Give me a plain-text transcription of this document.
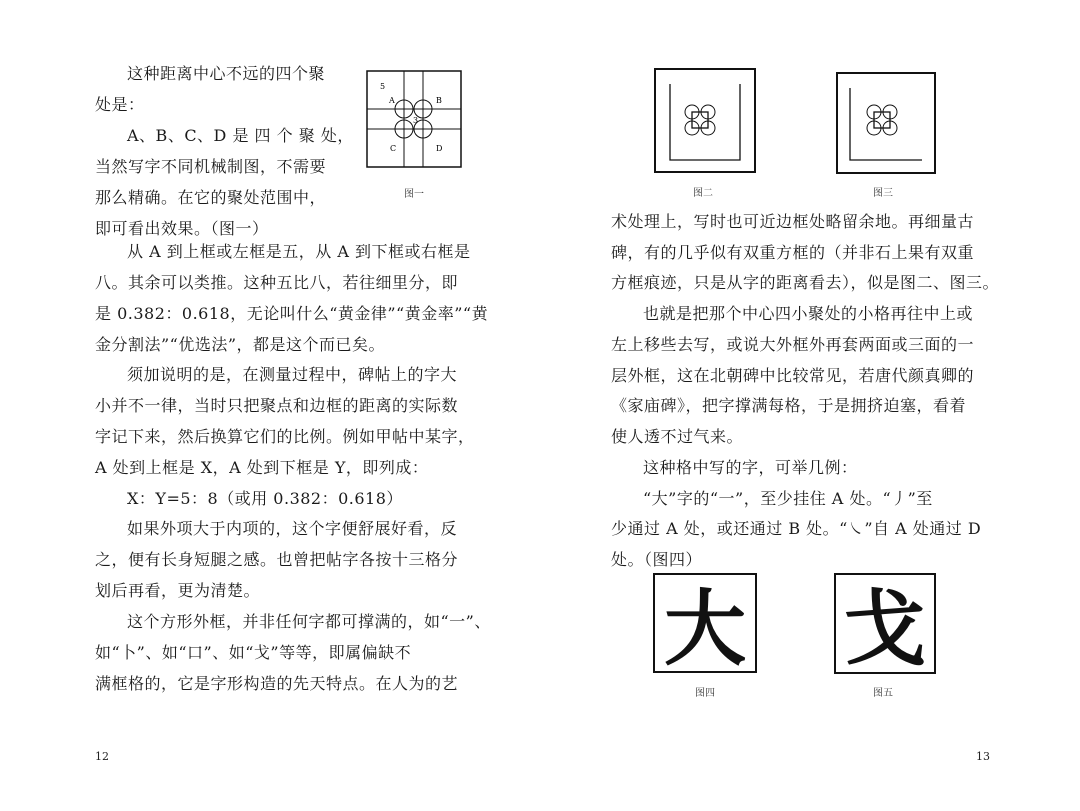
这种距离中心不远的四个聚
处是：
A、B、C、D 是 四 个 聚 处，
当然写字不同机械制图，不需要
那么精确。在它的聚处范围中，
即可看出效果。（图一）
从 A 到上框或左框是五，从 A 到下框或右框是
八。其余可以类推。这种五比八，若往细里分，即
是 0.382：0.618，无论叫什么“黄金律”“黄金率”“黄
金分割法”“优选法”，都是这个而已矣。
须加说明的是，在测量过程中，碑帖上的字大
小并不一律，当时只把聚点和边框的距离的实际数
字记下来，然后换算它们的比例。例如甲帖中某字，
A 处到上框是 X，A 处到下框是 Y，即列成：
X：Y=5：8（或用 0.382：0.618）
如果外项大于内项的，这个字便舒展好看，反
之，便有长身短腿之感。也曾把帖字各按十三格分
划后再看，更为清楚。
这个方形外框，并非任何字都可撑满的，如“一”、
如“卜”、如“口”、如“戈”等等，即属偏缺不
满框格的，它是字形构造的先天特点。在人为的艺
5
A	B
3
C	D
图一
12
图二	图三
术处理上，写时也可近边框处略留余地。再细量古
碑，有的几乎似有双重方框的（并非石上果有双重
方框痕迹，只是从字的距离看去），似是图二、图三。
也就是把那个中心四小聚处的小格再往中上或
左上移些去写，或说大外框外再套两面或三面的一
层外框，这在北朝碑中比较常见，若唐代颜真卿的
《家庙碑》，把字撑满每格，于是拥挤迫塞，看着
使人透不过气来。
这种格中写的字，可举几例：
“大”字的“一”，至少挂住 A 处。“丿”至
少通过 A 处，或还通过 B 处。“㇏”自 A 处通过 D
处。（图四）
大
图四
戈
图五
13
